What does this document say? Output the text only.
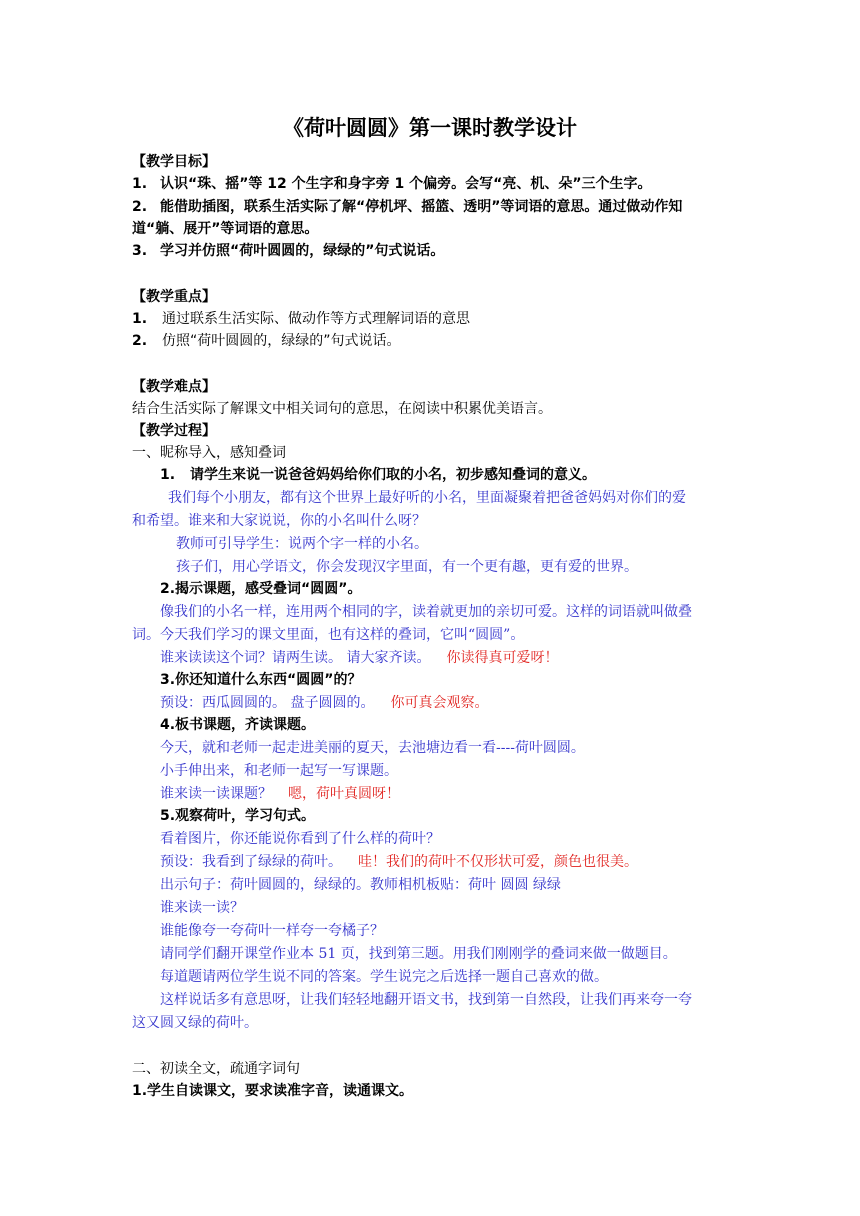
《荷叶圆圆》第一课时教学设计
【教学目标】
1. 认识“珠、摇”等 12 个生字和身字旁 1 个偏旁。会写“亮、机、朵”三个生字。
2. 能借助插图，联系生活实际了解“停机坪、摇篮、透明”等词语的意思。通过做动作知
道“躺、展开”等词语的意思。
3. 学习并仿照“荷叶圆圆的，绿绿的”句式说话。
【教学重点】
1. 通过联系生活实际、做动作等方式理解词语的意思
2. 仿照“荷叶圆圆的，绿绿的”句式说话。
【教学难点】
结合生活实际了解课文中相关词句的意思，在阅读中积累优美语言。
【教学过程】
一、昵称导入，感知叠词
1. 请学生来说一说爸爸妈妈给你们取的小名，初步感知叠词的意义。
我们每个小朋友，都有这个世界上最好听的小名，里面凝聚着把爸爸妈妈对你们的爱
和希望。谁来和大家说说，你的小名叫什么呀？
教师可引导学生：说两个字一样的小名。
孩子们，用心学语文，你会发现汉字里面，有一个更有趣，更有爱的世界。
2.揭示课题，感受叠词“圆圆”。
像我们的小名一样，连用两个相同的字，读着就更加的亲切可爱。这样的词语就叫做叠
词。今天我们学习的课文里面，也有这样的叠词，它叫“圆圆”。
谁来读读这个词？请两生读。 请大家齐读。 你读得真可爱呀！
3.你还知道什么东西“圆圆”的？
预设：西瓜圆圆的。 盘子圆圆的。 你可真会观察。
4.板书课题，齐读课题。
今天，就和老师一起走进美丽的夏天，去池塘边看一看----荷叶圆圆。
小手伸出来，和老师一起写一写课题。
谁来读一读课题？ 嗯，荷叶真圆呀！
5.观察荷叶，学习句式。
看着图片，你还能说你看到了什么样的荷叶？
预设：我看到了绿绿的荷叶。 哇！我们的荷叶不仅形状可爱，颜色也很美。
出示句子：荷叶圆圆的，绿绿的。教师相机板贴：荷叶 圆圆 绿绿
谁来读一读？
谁能像夸一夸荷叶一样夸一夸橘子？
请同学们翻开课堂作业本 51 页，找到第三题。用我们刚刚学的叠词来做一做题目。
每道题请两位学生说不同的答案。学生说完之后选择一题自己喜欢的做。
这样说话多有意思呀，让我们轻轻地翻开语文书，找到第一自然段，让我们再来夸一夸
这又圆又绿的荷叶。
二、初读全文，疏通字词句
1.学生自读课文，要求读准字音，读通课文。
